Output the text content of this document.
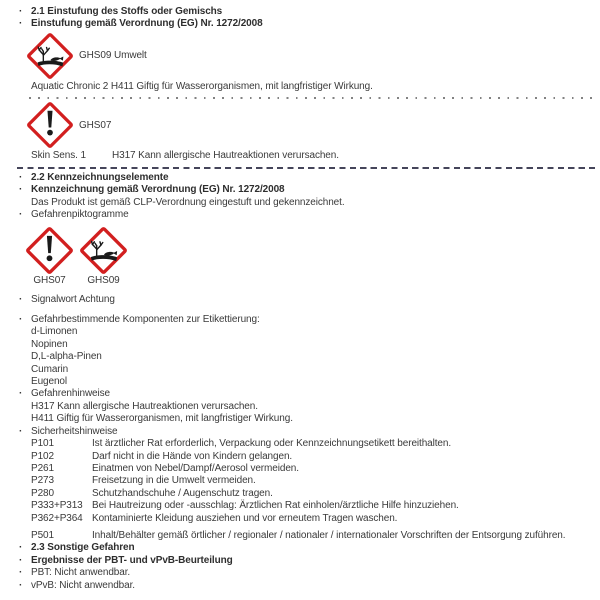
· 2.1 Einstufung des Stoffs oder Gemischs
· Einstufung gemäß Verordnung (EG) Nr. 1272/2008
GHS09 Umwelt
Aquatic Chronic 2 H411 Giftig für Wasserorganismen, mit langfristiger Wirkung.
GHS07
Skin Sens. 1	H317 Kann allergische Hautreaktionen verursachen.
· 2.2 Kennzeichnungselemente
· Kennzeichnung gemäß Verordnung (EG) Nr. 1272/2008
Das Produkt ist gemäß CLP-Verordnung eingestuft und gekennzeichnet.
· Gefahrenpiktogramme
GHS07 GHS09
· Signalwort Achtung
· Gefahrbestimmende Komponenten zur Etikettierung:
d-Limonen
Nopinen
D,L-alpha-Pinen
Cumarin
Eugenol
· Gefahrenhinweise
H317 Kann allergische Hautreaktionen verursachen.
H411 Giftig für Wasserorganismen, mit langfristiger Wirkung.
· Sicherheitshinweise
P101	Ist ärztlicher Rat erforderlich, Verpackung oder Kennzeichnungsetikett bereithalten.
P102	Darf nicht in die Hände von Kindern gelangen.
P261	Einatmen von Nebel/Dampf/Aerosol vermeiden.
P273	Freisetzung in die Umwelt vermeiden.
P280	Schutzhandschuhe / Augenschutz tragen.
P333+P313 Bei Hautreizung oder -ausschlag: Ärztlichen Rat einholen/ärztliche Hilfe hinzuziehen.
P362+P364 Kontaminierte Kleidung ausziehen und vor erneutem Tragen waschen.
P501	Inhalt/Behälter gemäß örtlicher / regionaler / nationaler / internationaler Vorschriften der Entsorgung zuführen.
· 2.3 Sonstige Gefahren
· Ergebnisse der PBT- und vPvB-Beurteilung
· PBT: Nicht anwendbar.
· vPvB: Nicht anwendbar.
